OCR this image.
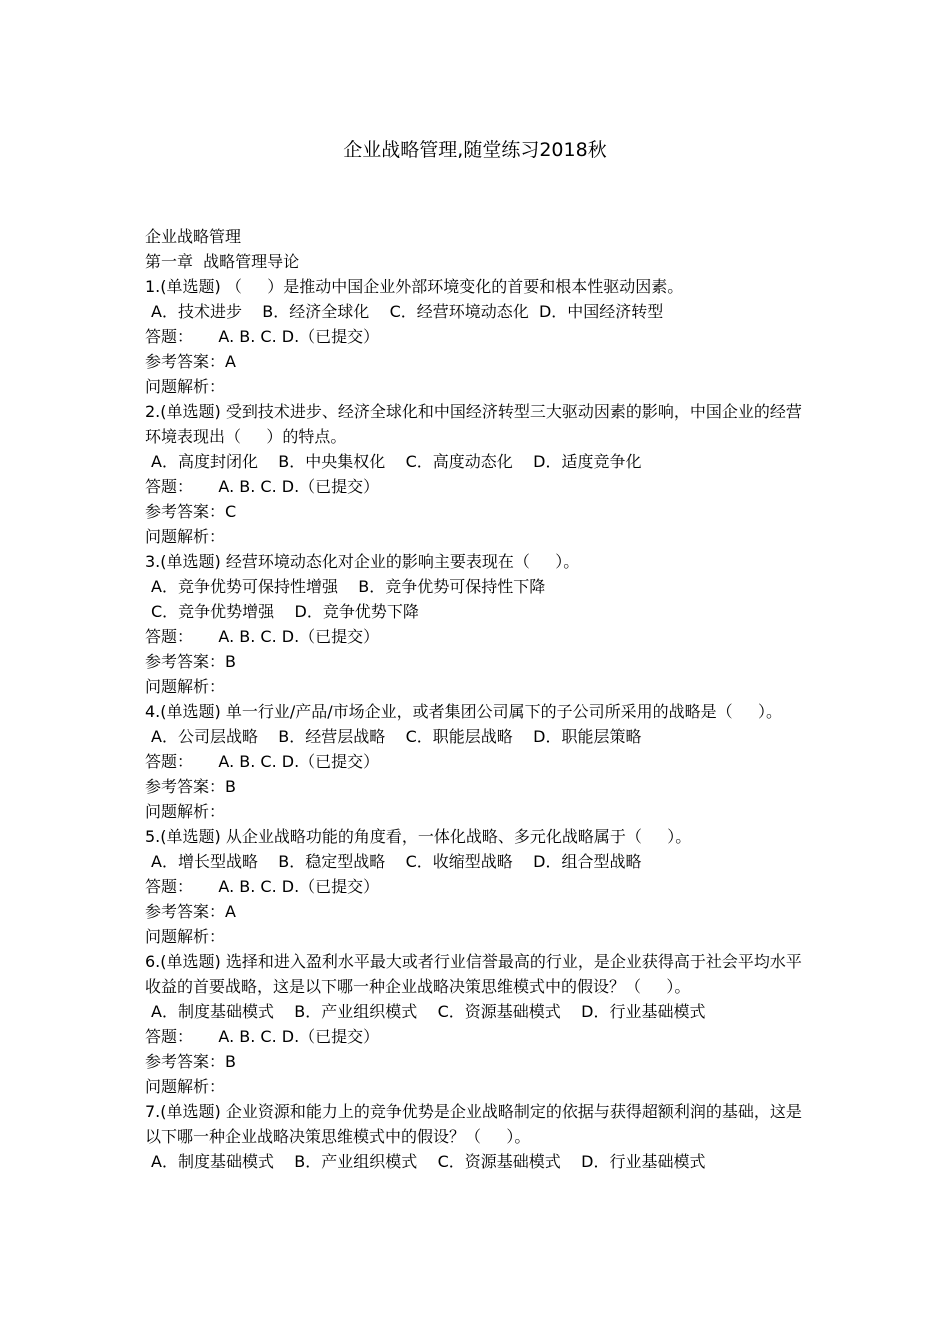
企业战略管理,随堂练习2018秋
企业战略管理
第一章  战略管理导论
1.(单选题) （     ）是推动中国企业外部环境变化的首要和根本性驱动因素。
A．技术进步    B．经济全球化    C．经营环境动态化  D．中国经济转型
答题：     A. B. C. D.（已提交）
参考答案：A
问题解析：
2.(单选题) 受到技术进步、经济全球化和中国经济转型三大驱动因素的影响，中国企业的经营环境表现出（     ）的特点。
A．高度封闭化    B．中央集权化    C．高度动态化    D．适度竞争化
答题：     A. B. C. D.（已提交）
参考答案：C
问题解析：
3.(单选题) 经营环境动态化对企业的影响主要表现在（     ）。
A．竞争优势可保持性增强    B．竞争优势可保持性下降
C．竞争优势增强    D．竞争优势下降
答题：     A. B. C. D.（已提交）
参考答案：B
问题解析：
4.(单选题) 单一行业/产品/市场企业，或者集团公司属下的子公司所采用的战略是（     ）。
A．公司层战略    B．经营层战略    C．职能层战略    D．职能层策略
答题：     A. B. C. D.（已提交）
参考答案：B
问题解析：
5.(单选题) 从企业战略功能的角度看，一体化战略、多元化战略属于（     ）。
A．增长型战略    B．稳定型战略    C．收缩型战略    D．组合型战略
答题：     A. B. C. D.（已提交）
参考答案：A
问题解析：
6.(单选题) 选择和进入盈利水平最大或者行业信誉最高的行业，是企业获得高于社会平均水平收益的首要战略，这是以下哪一种企业战略决策思维模式中的假设？（     ）。
A．制度基础模式    B．产业组织模式    C．资源基础模式    D．行业基础模式
答题：     A. B. C. D.（已提交）
参考答案：B
问题解析：
7.(单选题) 企业资源和能力上的竞争优势是企业战略制定的依据与获得超额利润的基础，这是以下哪一种企业战略决策思维模式中的假设？（     ）。
A．制度基础模式    B．产业组织模式    C．资源基础模式    D．行业基础模式
